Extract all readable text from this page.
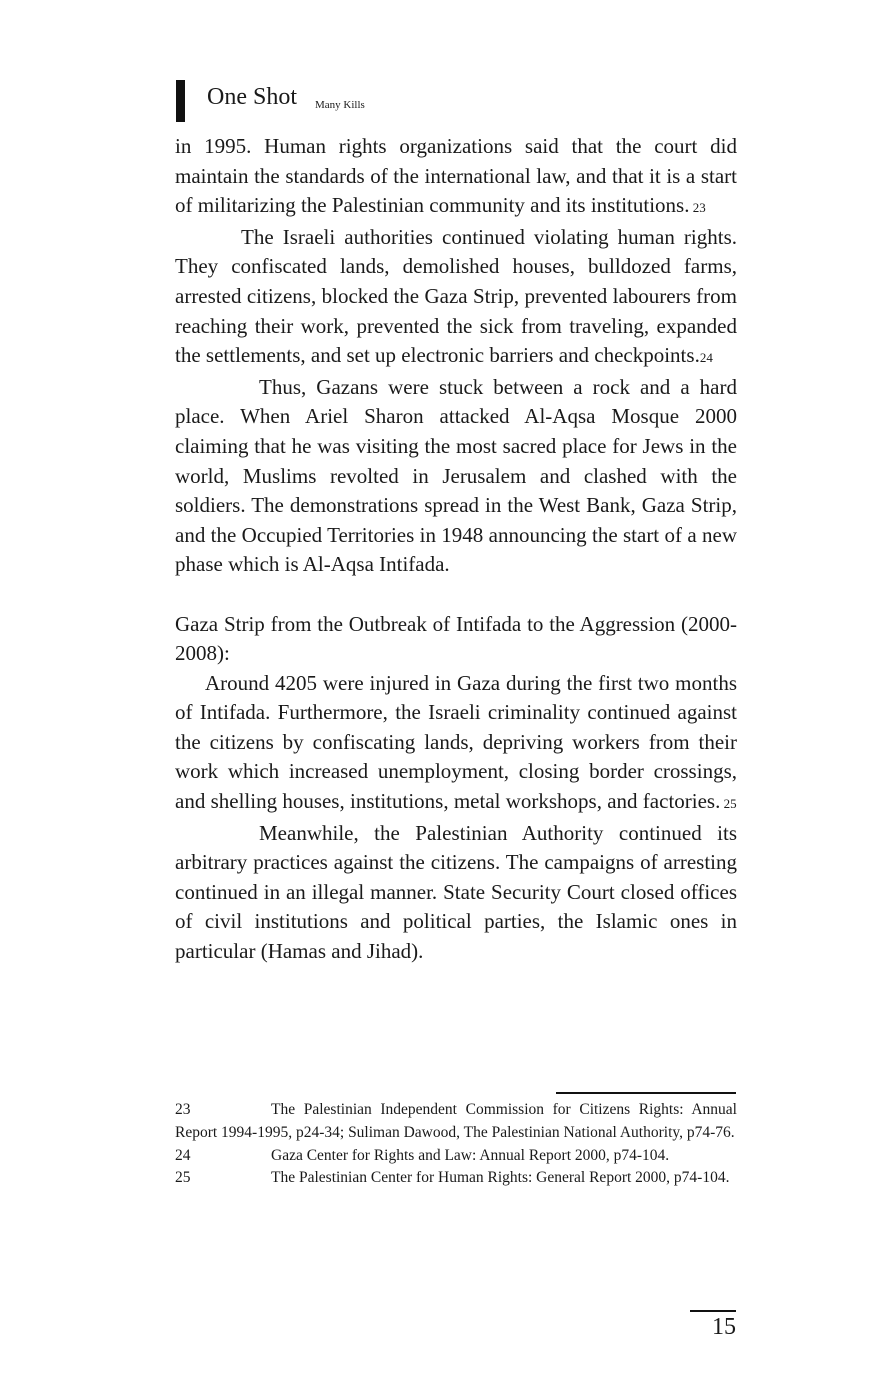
One Shot Many Kills

in 1995. Human rights organizations said that the court did maintain the standards of the international law, and that it is a start of militarizing the Palestinian community and its institutions. 23

The Israeli authorities continued violating human rights. They confiscated lands, demolished houses, bulldozed farms, arrested citizens, blocked the Gaza Strip, prevented labourers from reaching their work, prevented the sick from traveling, expanded the settlements, and set up electronic barriers and checkpoints.24

Thus, Gazans were stuck between a rock and a hard place. When Ariel Sharon attacked Al-Aqsa Mosque 2000 claiming that he was visiting the most sacred place for Jews in the world, Muslims revolted in Jerusalem and clashed with the soldiers. The demonstrations spread in the West Bank, Gaza Strip, and the Occupied Territories in 1948 announcing the start of a new phase which is Al-Aqsa Intifada.

Gaza Strip from the Outbreak of Intifada to the Aggression (2000-2008):

Around 4205 were injured in Gaza during the first two months of Intifada. Furthermore, the Israeli criminality continued against the citizens by confiscating lands, depriving workers from their work which increased unemployment, closing border crossings, and shelling houses, institutions, metal workshops, and factories. 25

Meanwhile, the Palestinian Authority continued its arbitrary practices against the citizens. The campaigns of arresting continued in an illegal manner. State Security Court closed offices of civil institutions and political parties, the Islamic ones in particular (Hamas and Jihad).

23	The Palestinian Independent Commission for Citizens Rights: Annual Report 1994-1995, p24-34; Suliman Dawood, The Palestinian National Authority, p74-76.

24	Gaza Center for Rights and Law: Annual Report 2000, p74-104.

25	The Palestinian Center for Human Rights: General Report 2000, p74-104.

15
